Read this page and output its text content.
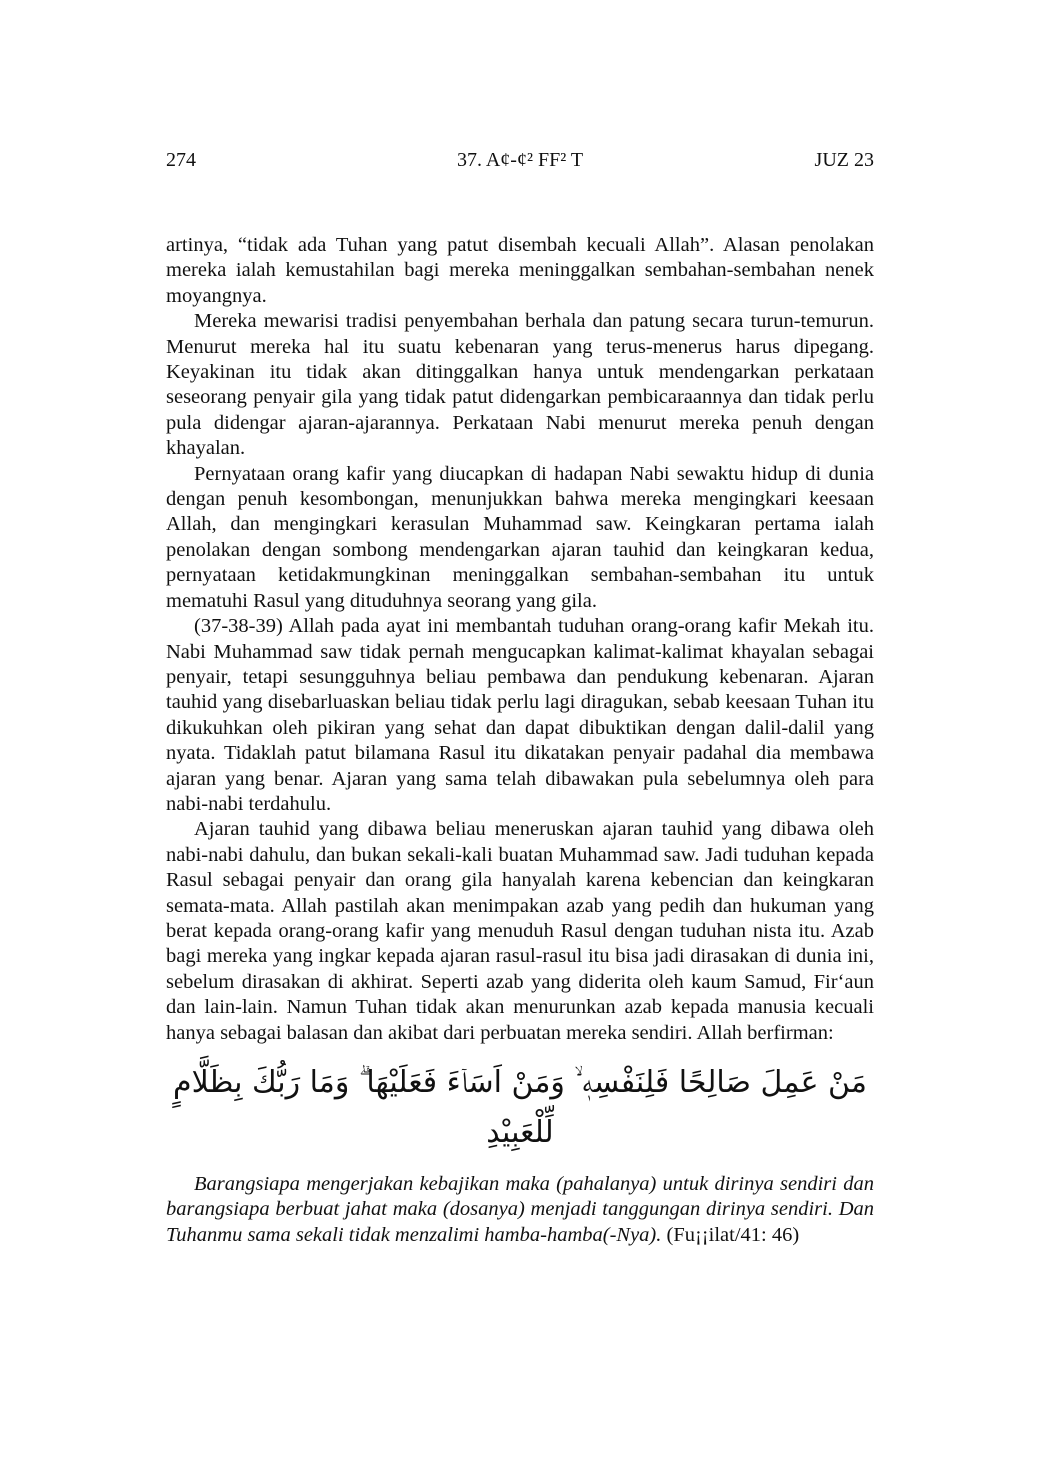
274	37. A¢-¢² FF² T	JUZ 23

artinya, “tidak ada Tuhan yang patut disembah kecuali Allah”. Alasan penolakan mereka ialah kemustahilan bagi mereka meninggalkan sembahan-sembahan nenek moyangnya.

Mereka mewarisi tradisi penyembahan berhala dan patung secara turun-temurun. Menurut mereka hal itu suatu kebenaran yang terus-menerus harus dipegang. Keyakinan itu tidak akan ditinggalkan hanya untuk mendengarkan perkataan seseorang penyair gila yang tidak patut didengarkan pembicaraannya dan tidak perlu pula didengar ajaran-ajarannya. Perkataan Nabi menurut mereka penuh dengan khayalan.

Pernyataan orang kafir yang diucapkan di hadapan Nabi sewaktu hidup di dunia dengan penuh kesombongan, menunjukkan bahwa mereka mengingkari keesaan Allah, dan mengingkari kerasulan Muhammad saw. Keingkaran pertama ialah penolakan dengan sombong mendengarkan ajaran tauhid dan keingkaran kedua, pernyataan ketidakmungkinan meninggalkan sembahan-sembahan itu untuk mematuhi Rasul yang dituduhnya seorang yang gila.

(37-38-39) Allah pada ayat ini membantah tuduhan orang-orang kafir Mekah itu. Nabi Muhammad saw tidak pernah mengucapkan kalimat-kalimat khayalan sebagai penyair, tetapi sesungguhnya beliau pembawa dan pendukung kebenaran. Ajaran tauhid yang disebarluaskan beliau tidak perlu lagi diragukan, sebab keesaan Tuhan itu dikukuhkan oleh pikiran yang sehat dan dapat dibuktikan dengan dalil-dalil yang nyata. Tidaklah patut bilamana Rasul itu dikatakan penyair padahal dia membawa ajaran yang benar. Ajaran yang sama telah dibawakan pula sebelumnya oleh para nabi-nabi terdahulu.

Ajaran tauhid yang dibawa beliau meneruskan ajaran tauhid yang dibawa oleh nabi-nabi dahulu, dan bukan sekali-kali buatan Muhammad saw. Jadi tuduhan kepada Rasul sebagai penyair dan orang gila hanyalah karena kebencian dan keingkaran semata-mata. Allah pastilah akan menimpakan azab yang pedih dan hukuman yang berat kepada orang-orang kafir yang menuduh Rasul dengan tuduhan nista itu. Azab bagi mereka yang ingkar kepada ajaran rasul-rasul itu bisa jadi dirasakan di dunia ini, sebelum dirasakan di akhirat. Seperti azab yang diderita oleh kaum Samud, Fir‘aun dan lain-lain. Namun Tuhan tidak akan menurunkan azab kepada manusia kecuali hanya sebagai balasan dan akibat dari perbuatan mereka sendiri. Allah berfirman:

مَنْ عَمِلَ صَالِحًا فَلِنَفْسِهٖ ۙ وَمَنْ اَسَاۤءَ فَعَلَيْهَا ۗ وَمَا رَبُّكَ بِظَلَّامٍ لِّلْعَبِيْدِ

Barangsiapa mengerjakan kebajikan maka (pahalanya) untuk dirinya sendiri dan barangsiapa berbuat jahat maka (dosanya) menjadi tanggungan dirinya sendiri. Dan Tuhanmu sama sekali tidak menzalimi hamba-hamba(-Nya). (Fu¡¡ilat/41: 46)
